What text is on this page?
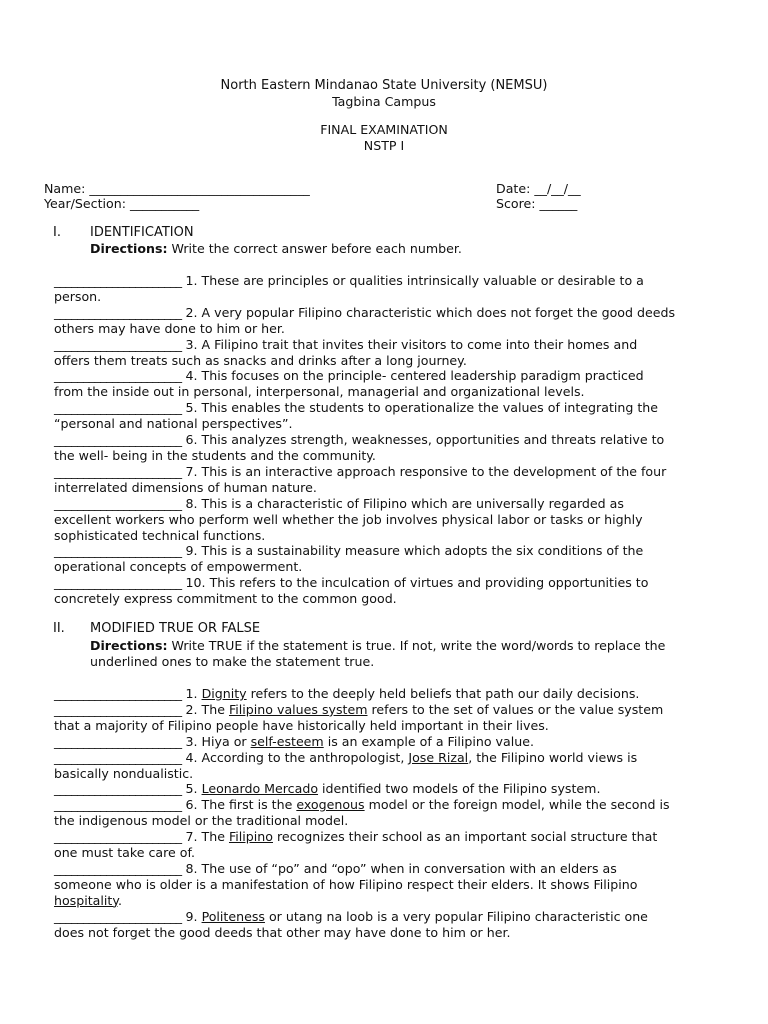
North Eastern Mindanao State University (NEMSU)
Tagbina Campus
FINAL EXAMINATION
NSTP I
Name: ___________________________________	Date: __/__/__
Year/Section: ___________	Score: ______
I. IDENTIFICATION
Directions: Write the correct answer before each number.

______________________ 1. These are principles or qualities intrinsically valuable or desirable to a person.

______________________ 2. A very popular Filipino characteristic which does not forget the good deeds others may have done to him or her.

______________________ 3. A Filipino trait that invites their visitors to come into their homes and offers them treats such as snacks and drinks after a long journey.

______________________ 4. This focuses on the principle- centered leadership paradigm practiced from the inside out in personal, interpersonal, managerial and organizational levels.

______________________ 5. This enables the students to operationalize the values of integrating the “personal and national perspectives”.

______________________ 6. This analyzes strength, weaknesses, opportunities and threats relative to the well- being in the students and the community.

______________________ 7. This is an interactive approach responsive to the development of the four interrelated dimensions of human nature.

______________________ 8. This is a characteristic of Filipino which are universally regarded as excellent workers who perform well whether the job involves physical labor or tasks or highly sophisticated technical functions.

______________________ 9. This is a sustainability measure which adopts the six conditions of the operational concepts of empowerment.

______________________ 10. This refers to the inculcation of virtues and providing opportunities to concretely express commitment to the common good.

II. MODIFIED TRUE OR FALSE
Directions: Write TRUE if the statement is true. If not, write the word/words to replace the underlined ones to make the statement true.

______________________ 1. Dignity refers to the deeply held beliefs that path our daily decisions.

______________________ 2. The Filipino values system refers to the set of values or the value system that a majority of Filipino people have historically held important in their lives.

______________________ 3. Hiya or self-esteem is an example of a Filipino value.

______________________ 4. According to the anthropologist, Jose Rizal, the Filipino world views is basically nondualistic.

______________________ 5. Leonardo Mercado identified two models of the Filipino system.

______________________ 6. The first is the exogenous model or the foreign model, while the second is the indigenous model or the traditional model.

______________________ 7. The Filipino recognizes their school as an important social structure that one must take care of.

______________________ 8. The use of “po” and “opo” when in conversation with an elders as someone who is older is a manifestation of how Filipino respect their elders. It shows Filipino hospitality.

______________________ 9. Politeness or utang na loob is a very popular Filipino characteristic one does not forget the good deeds that other may have done to him or her.
